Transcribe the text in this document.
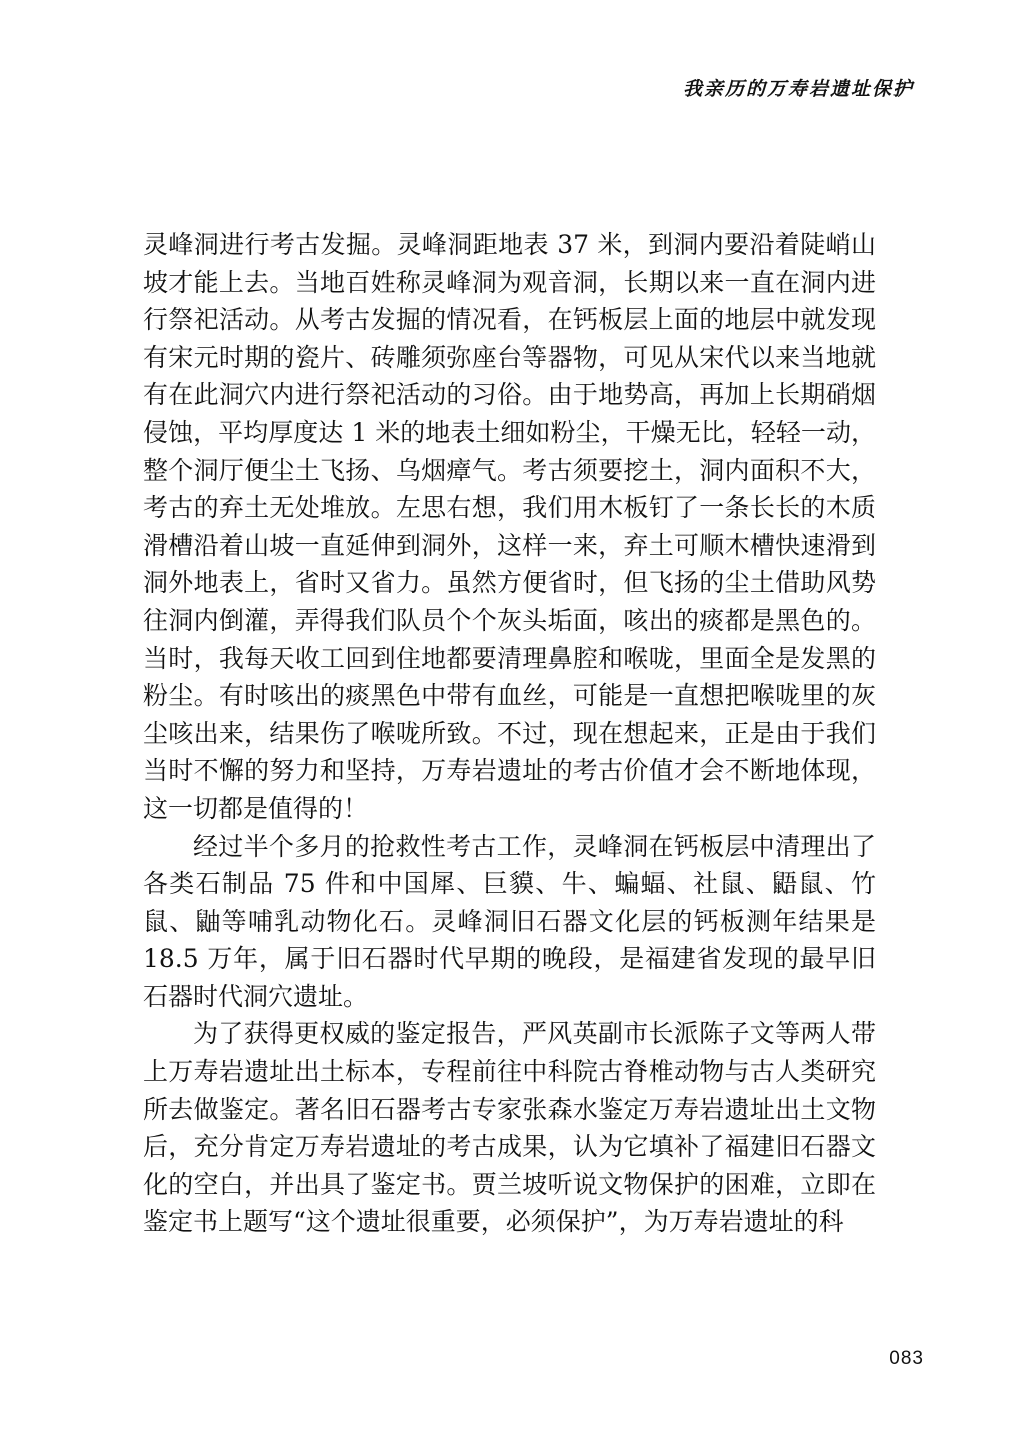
我亲历的万寿岩遗址保护

灵峰洞进行考古发掘。灵峰洞距地表 37 米，到洞内要沿着陡峭山坡才能上去。当地百姓称灵峰洞为观音洞，长期以来一直在洞内进行祭祀活动。从考古发掘的情况看，在钙板层上面的地层中就发现有宋元时期的瓷片、砖雕须弥座台等器物，可见从宋代以来当地就有在此洞穴内进行祭祀活动的习俗。由于地势高，再加上长期硝烟侵蚀，平均厚度达 1 米的地表土细如粉尘，干燥无比，轻轻一动，整个洞厅便尘土飞扬、乌烟瘴气。考古须要挖土，洞内面积不大，考古的弃土无处堆放。左思右想，我们用木板钉了一条长长的木质滑槽沿着山坡一直延伸到洞外，这样一来，弃土可顺木槽快速滑到洞外地表上，省时又省力。虽然方便省时，但飞扬的尘土借助风势往洞内倒灌，弄得我们队员个个灰头垢面，咳出的痰都是黑色的。当时，我每天收工回到住地都要清理鼻腔和喉咙，里面全是发黑的粉尘。有时咳出的痰黑色中带有血丝，可能是一直想把喉咙里的灰尘咳出来，结果伤了喉咙所致。不过，现在想起来，正是由于我们当时不懈的努力和坚持，万寿岩遗址的考古价值才会不断地体现，这一切都是值得的！

经过半个多月的抢救性考古工作，灵峰洞在钙板层中清理出了各类石制品 75 件和中国犀、巨貘、牛、蝙蝠、社鼠、鼯鼠、竹鼠、鼬等哺乳动物化石。灵峰洞旧石器文化层的钙板测年结果是 18.5 万年，属于旧石器时代早期的晚段，是福建省发现的最早旧石器时代洞穴遗址。

为了获得更权威的鉴定报告，严风英副市长派陈子文等两人带上万寿岩遗址出土标本，专程前往中科院古脊椎动物与古人类研究所去做鉴定。著名旧石器考古专家张森水鉴定万寿岩遗址出土文物后，充分肯定万寿岩遗址的考古成果，认为它填补了福建旧石器文化的空白，并出具了鉴定书。贾兰坡听说文物保护的困难，立即在鉴定书上题写“这个遗址很重要，必须保护”，为万寿岩遗址的科

083
